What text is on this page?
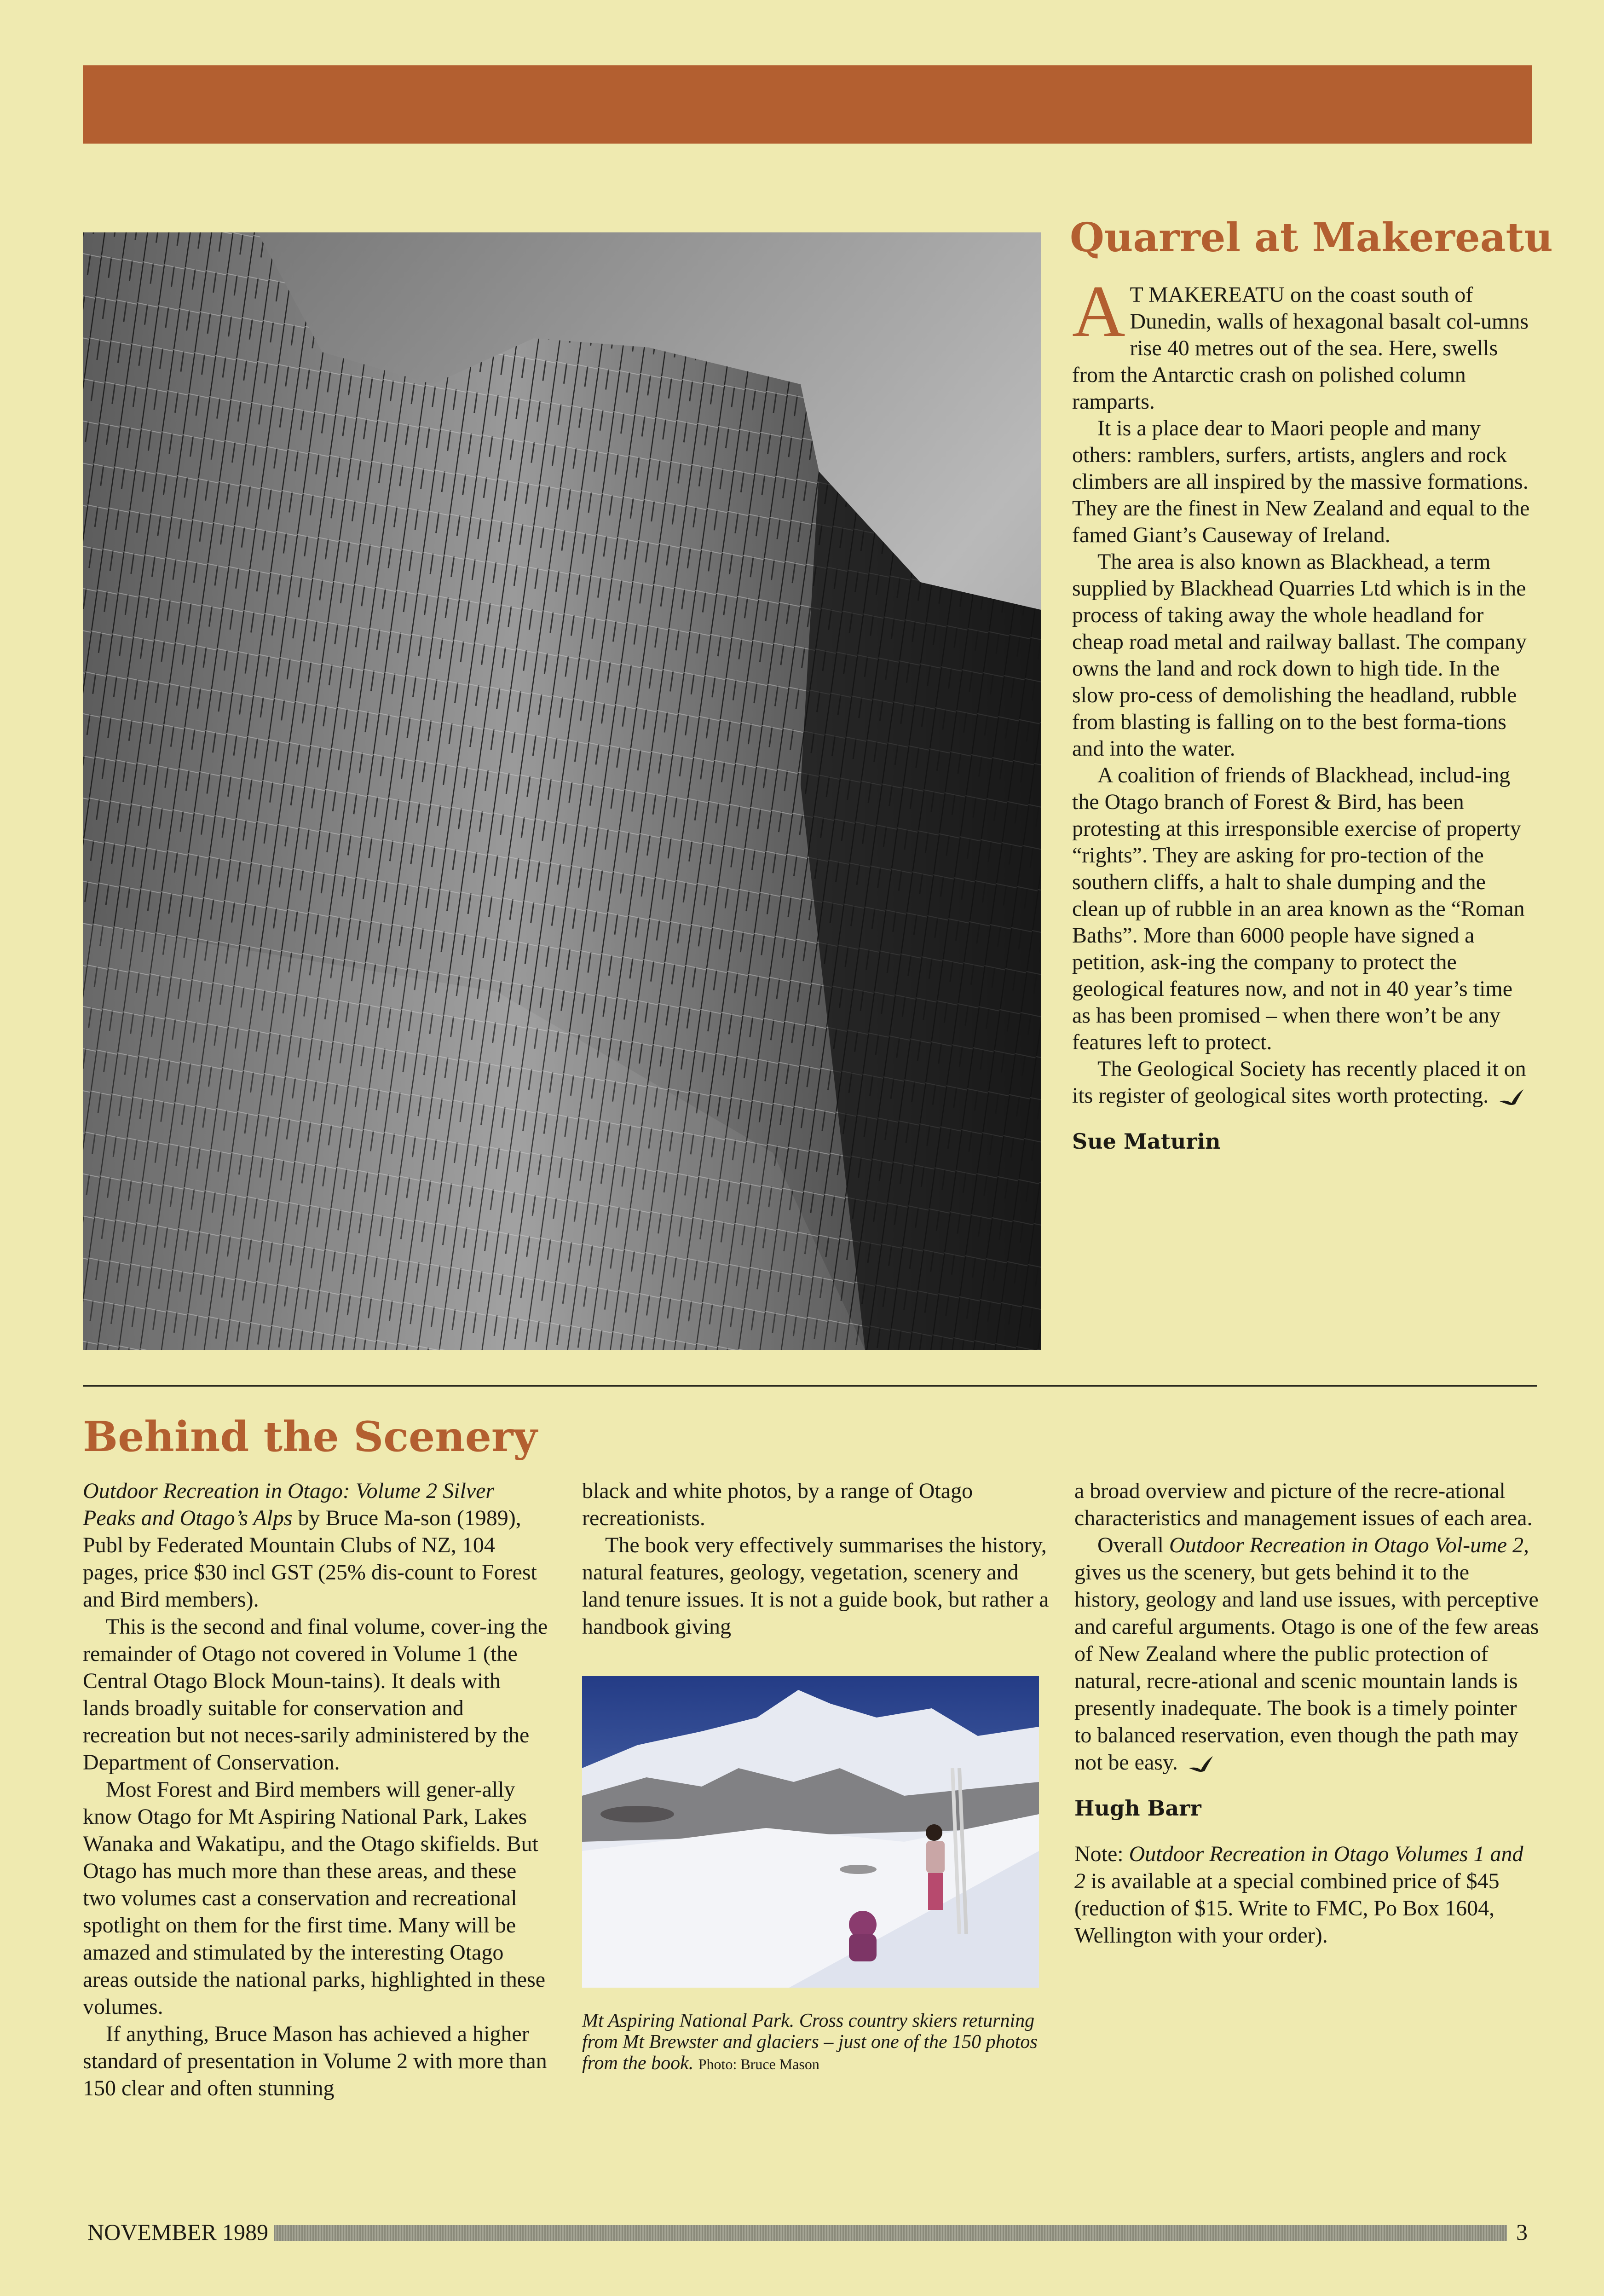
Quarrel at Makereatu

A T MAKEREATU on the coast south of Dunedin, walls of hexagonal basalt col-umns rise 40 metres out of the sea. Here, swells from the Antarctic crash on polished column ramparts.

It is a place dear to Maori people and many others: ramblers, surfers, artists, anglers and rock climbers are all inspired by the massive formations. They are the finest in New Zealand and equal to the famed Giant’s Causeway of Ireland.

The area is also known as Blackhead, a term supplied by Blackhead Quarries Ltd which is in the process of taking away the whole headland for cheap road metal and railway ballast. The company owns the land and rock down to high tide. In the slow pro-cess of demolishing the headland, rubble from blasting is falling on to the best forma-tions and into the water.

A coalition of friends of Blackhead, includ-ing the Otago branch of Forest & Bird, has been protesting at this irresponsible exercise of property “rights”. They are asking for pro-tection of the southern cliffs, a halt to shale dumping and the clean up of rubble in an area known as the “Roman Baths”. More than 6000 people have signed a petition, ask-ing the company to protect the geological features now, and not in 40 year’s time as has been promised – when there won’t be any features left to protect.

The Geological Society has recently placed it on its register of geological sites worth protecting.

Sue Maturin
Behind the Scenery

Outdoor Recreation in Otago: Volume 2 Silver Peaks and Otago’s Alps by Bruce Ma-son (1989), Publ by Federated Mountain Clubs of NZ, 104 pages, price $30 incl GST (25% dis-count to Forest and Bird members).

This is the second and final volume, cover-ing the remainder of Otago not covered in Volume 1 (the Central Otago Block Moun-tains). It deals with lands broadly suitable for conservation and recreation but not neces-sarily administered by the Department of Conservation.

Most Forest and Bird members will gener-ally know Otago for Mt Aspiring National Park, Lakes Wanaka and Wakatipu, and the Otago skifields. But Otago has much more than these areas, and these two volumes cast a conservation and recreational spotlight on them for the first time. Many will be amazed and stimulated by the interesting Otago areas outside the national parks, highlighted in these volumes.

If anything, Bruce Mason has achieved a higher standard of presentation in Volume 2 with more than 150 clear and often stunning

black and white photos, by a range of Otago recreationists.

The book very effectively summarises the history, natural features, geology, vegetation, scenery and land tenure issues. It is not a guide book, but rather a handbook giving

Mt Aspiring National Park. Cross country skiers returning from Mt Brewster and glaciers – just one of the 150 photos from the book. Photo: Bruce Mason

a broad overview and picture of the recre-ational characteristics and management issues of each area.

Overall Outdoor Recreation in Otago Vol-ume 2, gives us the scenery, but gets behind it to the history, geology and land use issues, with perceptive and careful arguments. Otago is one of the few areas of New Zealand where the public protection of natural, recre-ational and scenic mountain lands is presently inadequate. The book is a timely pointer to balanced reservation, even though the path may not be easy.

Hugh Barr

Note: Outdoor Recreation in Otago Volumes 1 and 2 is available at a special combined price of $45 (reduction of $15. Write to FMC, Po Box 1604, Wellington with your order).

NOVEMBER 1989	3
